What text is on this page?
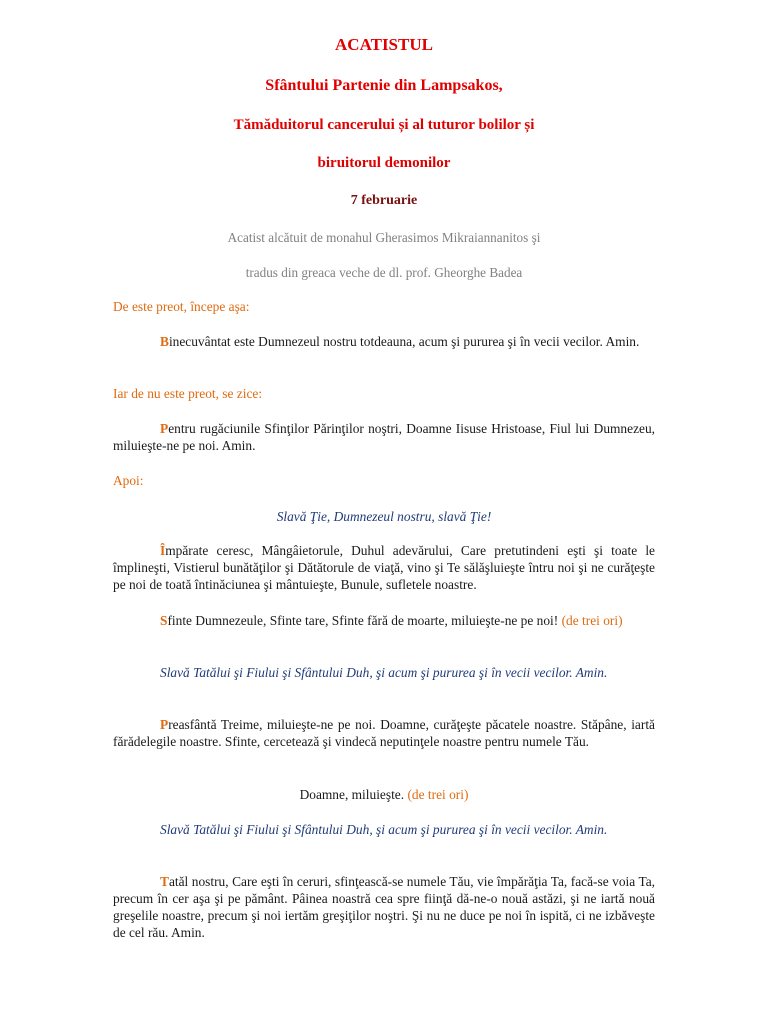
ACATISTUL
Sfântului Partenie din Lampsakos,
Tămăduitorul cancerului și al tuturor bolilor și
biruitorul demonilor
7 februarie
Acatist alcătuit de monahul Gherasimos Mikraiannanitos şi
tradus din greaca veche de dl. prof. Gheorghe Badea
De este preot, începe aşa:
Binecuvântat este Dumnezeul nostru totdeauna, acum şi pururea şi în vecii vecilor. Amin.
Iar de nu este preot, se zice:
Pentru rugăciunile Sfinţilor Părinţilor noştri, Doamne Iisuse Hristoase, Fiul lui Dumnezeu, miluieşte-ne pe noi. Amin.
Apoi:
Slavă Ţie, Dumnezeul nostru, slavă Ţie!
Împărate ceresc, Mângâietorule, Duhul adevărului, Care pretutindeni eşti şi toate le împlineşti, Vistierul bunătăţilor şi Dătătorule de viaţă, vino şi Te sălăşluieşte întru noi şi ne curăţeşte pe noi de toată întinăciunea şi mântuieşte, Bunule, sufletele noastre.
Sfinte Dumnezeule, Sfinte tare, Sfinte fără de moarte, miluieşte-ne pe noi! (de trei ori)
Slavă Tatălui şi Fiului şi Sfântului Duh, şi acum şi pururea şi în vecii vecilor. Amin.
Preasfântă Treime, miluieşte-ne pe noi. Doamne, curăţeşte păcatele noastre. Stăpâne, iartă fărădelegile noastre. Sfinte, cercetează şi vindecă neputinţele noastre pentru numele Tău.
Doamne, miluieşte. (de trei ori)
Slavă Tatălui şi Fiului şi Sfântului Duh, şi acum şi pururea şi în vecii vecilor. Amin.
Tatăl nostru, Care eşti în ceruri, sfinţească-se numele Tău, vie împărăţia Ta, facă-se voia Ta, precum în cer aşa şi pe pământ. Pâinea noastră cea spre fiinţă dă-ne-o nouă astăzi, şi ne iartă nouă greşelile noastre, precum şi noi iertăm greşiţilor noştri. Şi nu ne duce pe noi în ispită, ci ne izbăveşte de cel rău. Amin.
